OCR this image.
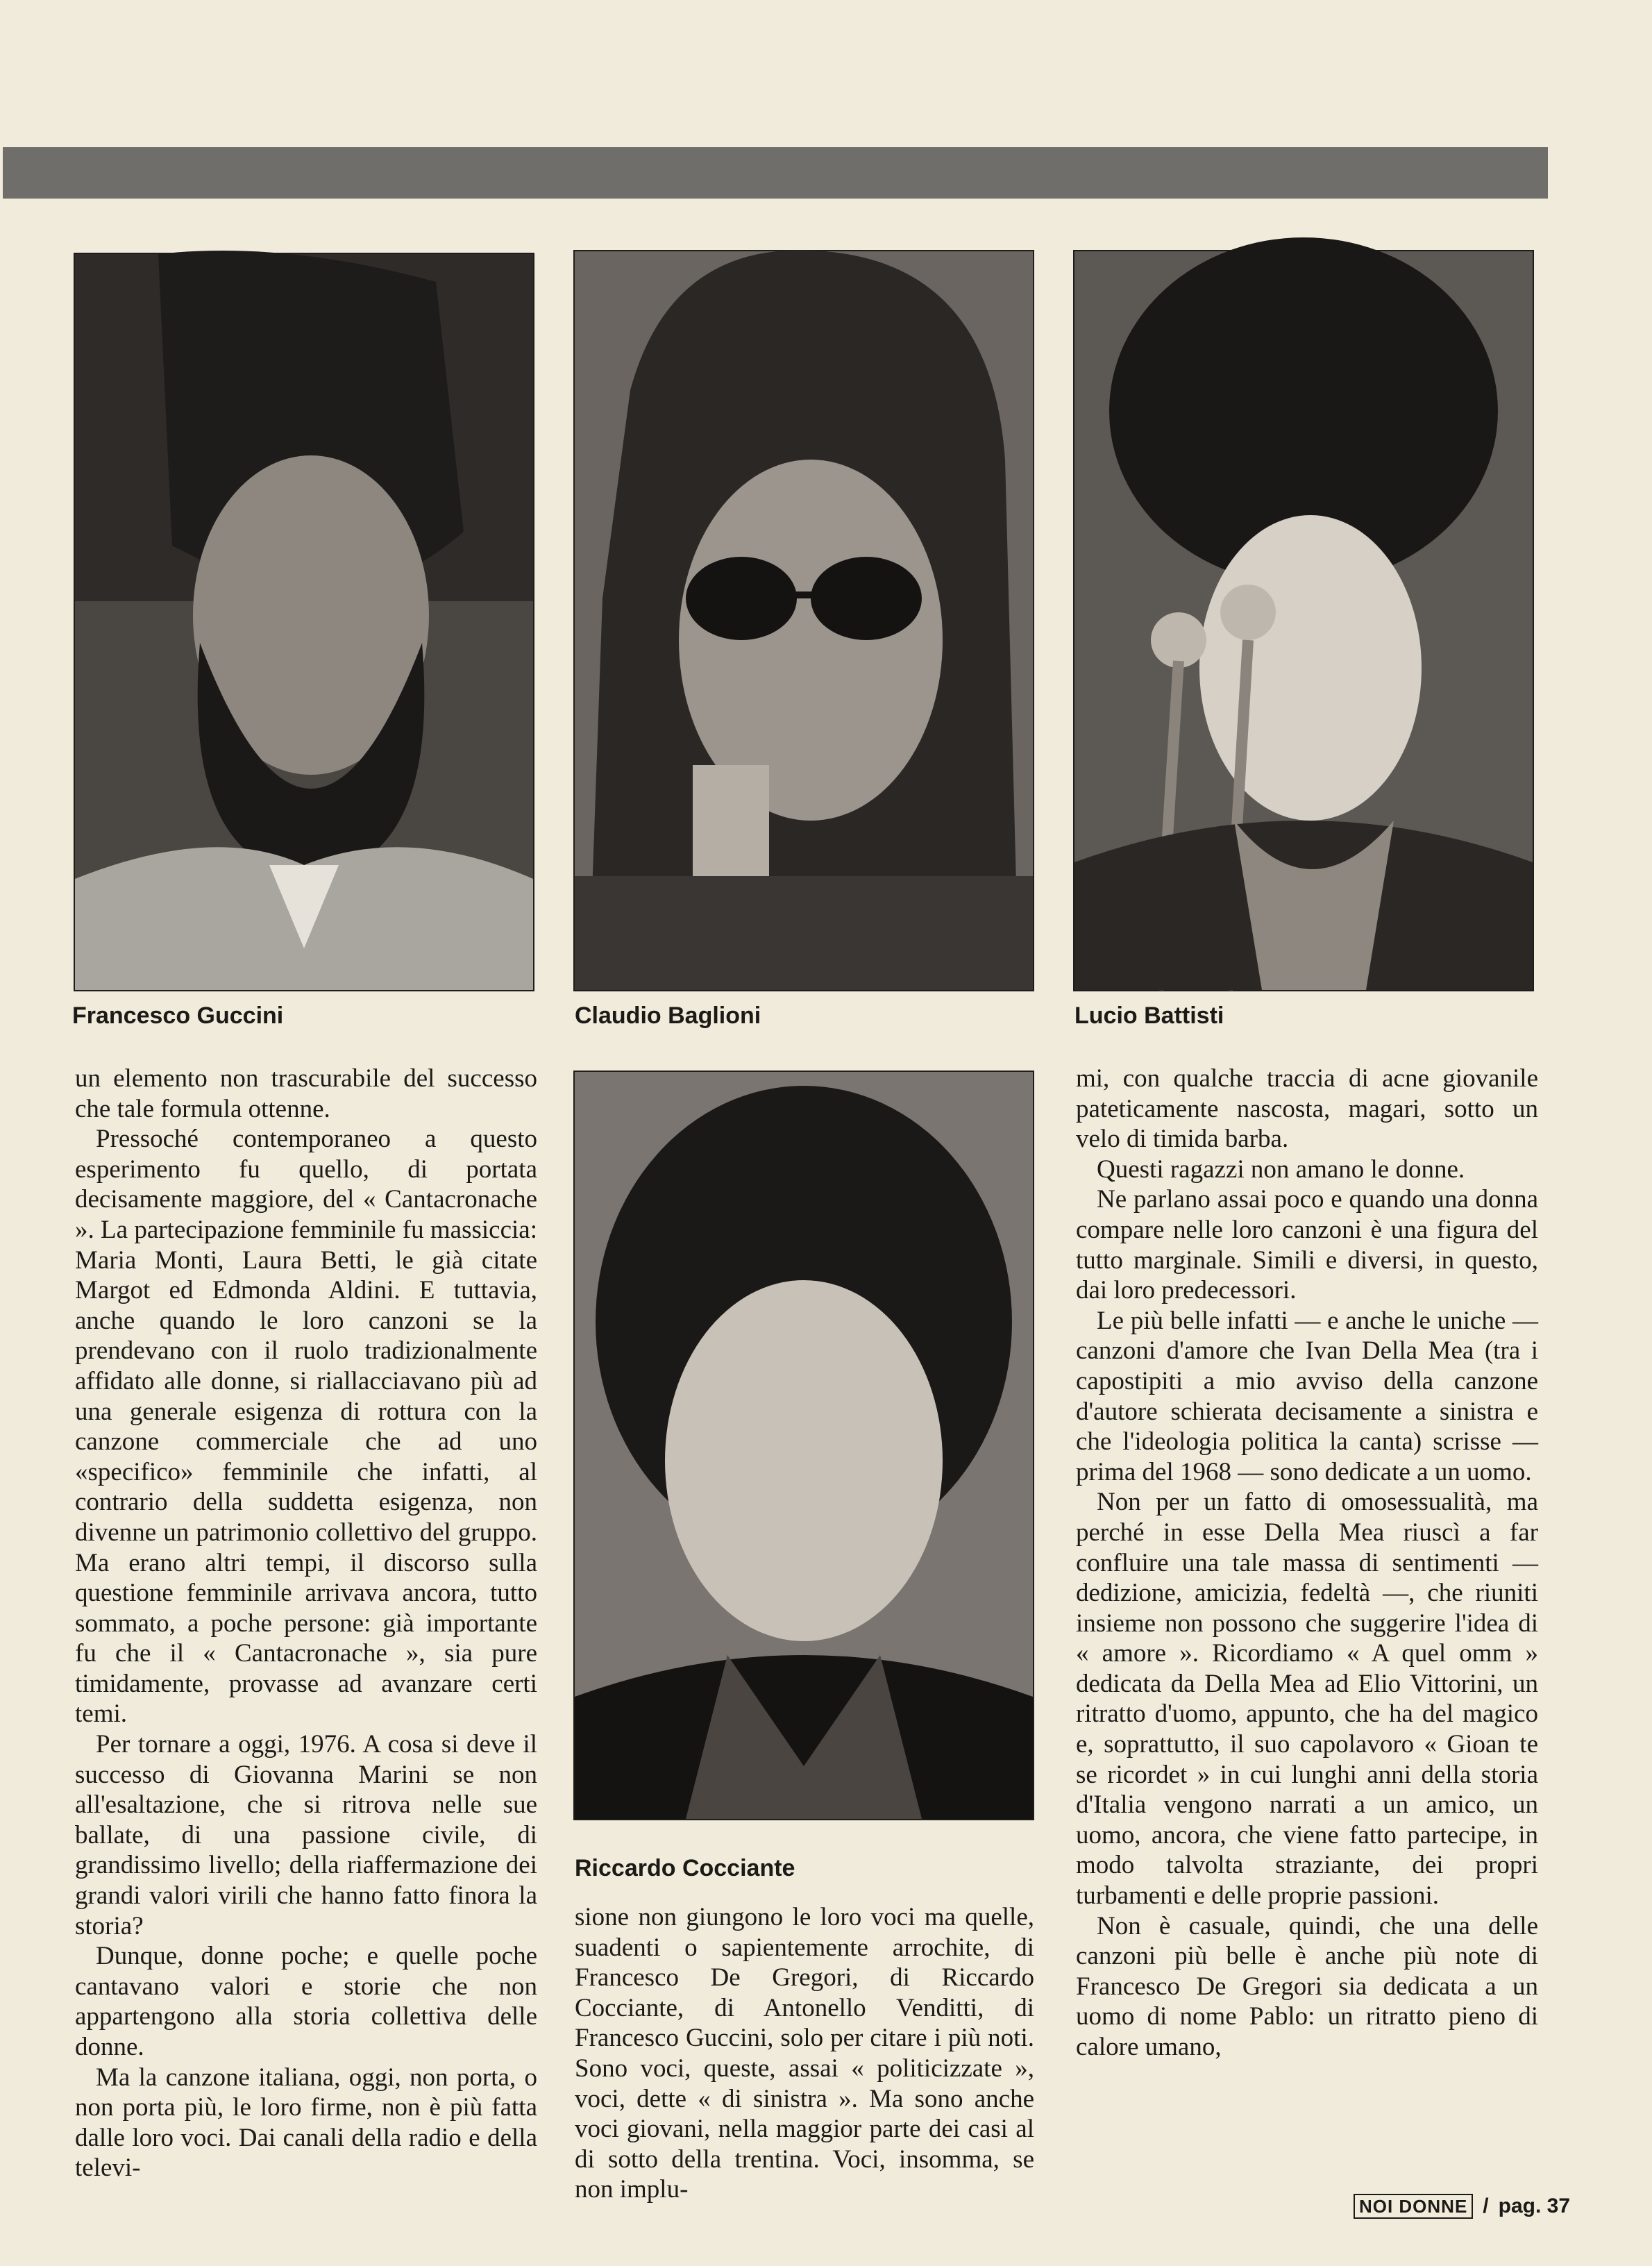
Francesco Guccini	Claudio Baglioni	Lucio Battisti
Riccardo Cocciante

un elemento non trascurabile del successo che tale formula ottenne.

Pressoché contemporaneo a questo esperimento fu quello, di portata decisamente maggiore, del « Cantacronache ». La partecipazione femminile fu massiccia: Maria Monti, Laura Betti, le già citate Margot ed Edmonda Aldini. E tuttavia, anche quando le loro canzoni se la prendevano con il ruolo tradizionalmente affidato alle donne, si riallacciavano più ad una generale esigenza di rottura con la canzone commerciale che ad uno «specifico» femminile che infatti, al contrario della suddetta esigenza, non divenne un patrimonio collettivo del gruppo. Ma erano altri tempi, il discorso sulla questione femminile arrivava ancora, tutto sommato, a poche persone: già importante fu che il « Cantacronache », sia pure timidamente, provasse ad avanzare certi temi.

Per tornare a oggi, 1976. A cosa si deve il successo di Giovanna Marini se non all'esaltazione, che si ritrova nelle sue ballate, di una passione civile, di grandissimo livello; della riaffermazione dei grandi valori virili che hanno fatto finora la storia?

Dunque, donne poche; e quelle poche cantavano valori e storie che non appartengono alla storia collettiva delle donne.

Ma la canzone italiana, oggi, non porta, o non porta più, le loro firme, non è più fatta dalle loro voci. Dai canali della radio e della televi-

sione non giungono le loro voci ma quelle, suadenti o sapientemente arrochite, di Francesco De Gregori, di Riccardo Cocciante, di Antonello Venditti, di Francesco Guccini, solo per citare i più noti. Sono voci, queste, assai « politicizzate », voci, dette « di sinistra ». Ma sono anche voci giovani, nella maggior parte dei casi al di sotto della trentina. Voci, insomma, se non implu-

mi, con qualche traccia di acne giovanile pateticamente nascosta, magari, sotto un velo di timida barba.

Questi ragazzi non amano le donne.

Ne parlano assai poco e quando una donna compare nelle loro canzoni è una figura del tutto marginale. Simili e diversi, in questo, dai loro predecessori.

Le più belle infatti — e anche le uniche — canzoni d'amore che Ivan Della Mea (tra i capostipiti a mio avviso della canzone d'autore schierata decisamente a sinistra e che l'ideologia politica la canta) scrisse — prima del 1968 — sono dedicate a un uomo.

Non per un fatto di omosessualità, ma perché in esse Della Mea riuscì a far confluire una tale massa di sentimenti — dedizione, amicizia, fedeltà —, che riuniti insieme non possono che suggerire l'idea di « amore ». Ricordiamo « A quel omm » dedicata da Della Mea ad Elio Vittorini, un ritratto d'uomo, appunto, che ha del magico e, soprattutto, il suo capolavoro « Gioan te se ricordet » in cui lunghi anni della storia d'Italia vengono narrati a un amico, un uomo, ancora, che viene fatto partecipe, in modo talvolta straziante, dei propri turbamenti e delle proprie passioni.

Non è casuale, quindi, che una delle canzoni più belle è anche più note di Francesco De Gregori sia dedicata a un uomo di nome Pablo: un ritratto pieno di calore umano,

NOI DONNE / pag. 37
